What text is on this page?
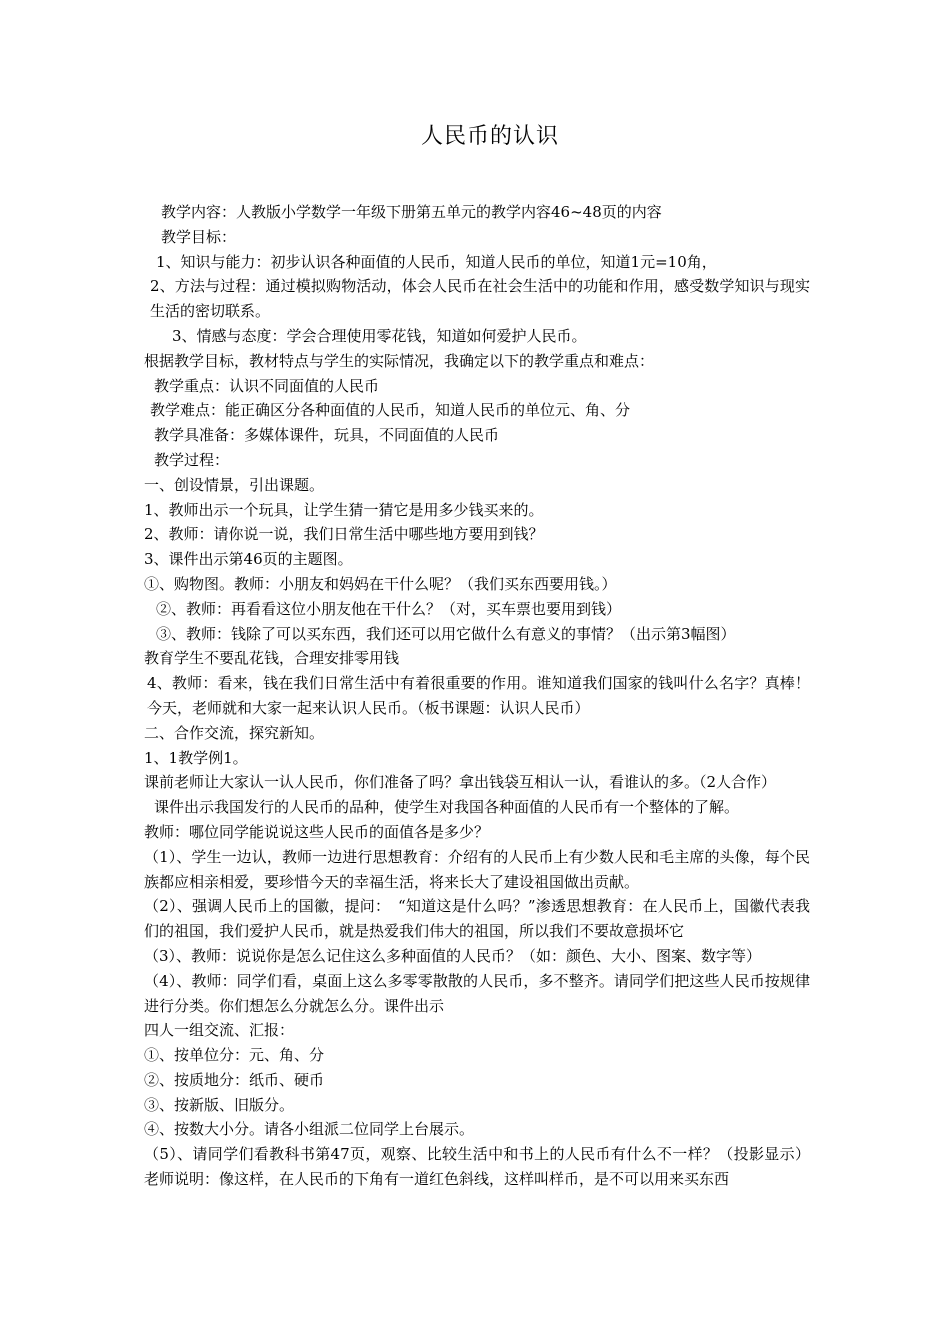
人民币的认识

教学内容：人教版小学数学一年级下册第五单元的教学内容46~48页的内容

教学目标：

1、知识与能力：初步认识各种面值的人民币，知道人民币的单位，知道1元=10角，

2、方法与过程：通过模拟购物活动，体会人民币在社会生活中的功能和作用，感受数学知识与现实生活的密切联系。

3、情感与态度：学会合理使用零花钱，知道如何爱护人民币。

根据教学目标，教材特点与学生的实际情况，我确定以下的教学重点和难点：

教学重点：认识不同面值的人民币

教学难点：能正确区分各种面值的人民币，知道人民币的单位元、角、分

教学具准备：多媒体课件，玩具，不同面值的人民币

教学过程：

一、创设情景，引出课题。

1、教师出示一个玩具，让学生猜一猜它是用多少钱买来的。

2、教师：请你说一说，我们日常生活中哪些地方要用到钱？

3、课件出示第46页的主题图。

①、购物图。教师：小朋友和妈妈在干什么呢？（我们买东西要用钱。）

②、教师：再看看这位小朋友他在干什么？（对，买车票也要用到钱）

③、教师：钱除了可以买东西，我们还可以用它做什么有意义的事情？（出示第3幅图）

教育学生不要乱花钱，合理安排零用钱

4、教师：看来，钱在我们日常生活中有着很重要的作用。谁知道我们国家的钱叫什么名字？真棒！今天，老师就和大家一起来认识人民币。（板书课题：认识人民币）

二、合作交流，探究新知。

1、1教学例1。

课前老师让大家认一认人民币，你们准备了吗？拿出钱袋互相认一认，看谁认的多。（2人合作）

课件出示我国发行的人民币的品种，使学生对我国各种面值的人民币有一个整体的了解。

教师：哪位同学能说说这些人民币的面值各是多少？

（1）、学生一边认，教师一边进行思想教育：介绍有的人民币上有少数人民和毛主席的头像，每个民族都应相亲相爱，要珍惜今天的幸福生活，将来长大了建设祖国做出贡献。

（2）、强调人民币上的国徽，提问：　“知道这是什么吗？”渗透思想教育：在人民币上，国徽代表我们的祖国，我们爱护人民币，就是热爱我们伟大的祖国，所以我们不要故意损坏它

（3）、教师：说说你是怎么记住这么多种面值的人民币？（如：颜色、大小、图案、数字等）

（4）、教师：同学们看，桌面上这么多零零散散的人民币，多不整齐。请同学们把这些人民币按规律进行分类。你们想怎么分就怎么分。课件出示

四人一组交流、汇报：

①、按单位分：元、角、分

②、按质地分：纸币、硬币

③、按新版、旧版分。

④、按数大小分。请各小组派二位同学上台展示。

（5）、请同学们看教科书第47页，观察、比较生活中和书上的人民币有什么不一样？（投影显示）老师说明：像这样，在人民币的下角有一道红色斜线，这样叫样币，是不可以用来买东西
